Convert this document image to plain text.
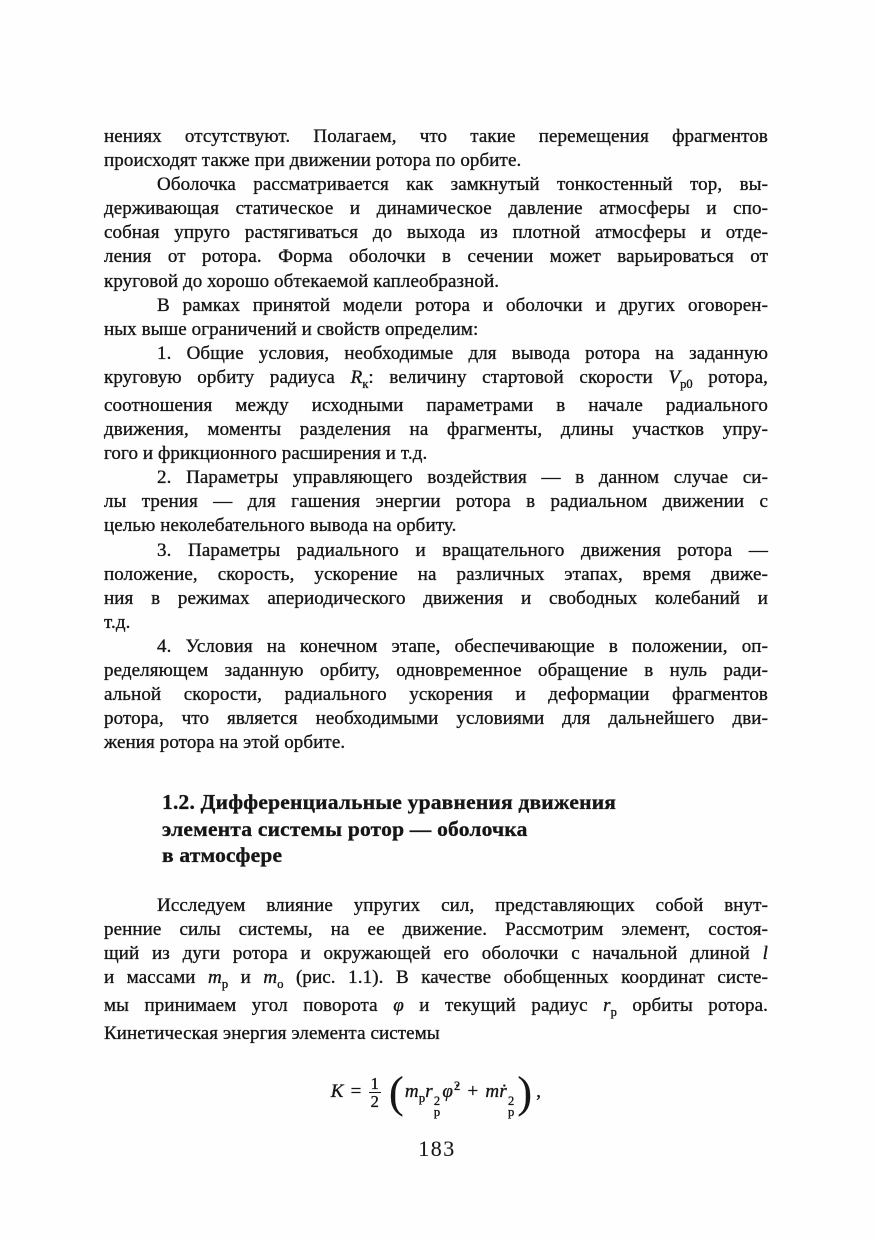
нениях отсутствуют. Полагаем, что такие перемещения фрагментов
происходят также при движении ротора по орбите.
Оболочка рассматривается как замкнутый тонкостенный тор, вы-
держивающая статическое и динамическое давление атмосферы и спо-
собная упруго растягиваться до выхода из плотной атмосферы и отде-
ления от ротора. Форма оболочки в сечении может варьироваться от
круговой до хорошо обтекаемой каплеобразной.
В рамках принятой модели ротора и оболочки и других оговорен-
ных выше ограничений и свойств определим:
1. Общие условия, необходимые для вывода ротора на заданную
круговую орбиту радиуса $R_к$: величину стартовой скорости $V_{р0}$ ротора,
соотношения между исходными параметрами в начале радиального
движения, моменты разделения на фрагменты, длины участков упру-
гого и фрикционного расширения и т.д.
2. Параметры управляющего воздействия — в данном случае си-
лы трения — для гашения энергии ротора в радиальном движении с
целью неколебательного вывода на орбиту.
3. Параметры радиального и вращательного движения ротора —
положение, скорость, ускорение на различных этапах, время движе-
ния в режимах апериодического движения и свободных колебаний и
т.д.
4. Условия на конечном этапе, обеспечивающие в положении, оп-
ределяющем заданную орбиту, одновременное обращение в нуль ради-
альной скорости, радиального ускорения и деформации фрагментов
ротора, что является необходимыми условиями для дальнейшего дви-
жения ротора на этой орбите.
1.2. Дифференциальные уравнения движения
элемента системы ротор — оболочка
в атмосфере
Исследуем влияние упругих сил, представляющих собой внут-
ренние силы системы, на ее движение. Рассмотрим элемент, состоя-
щий из дуги ротора и окружающей его оболочки с начальной длиной l
и массами $m_р$ и $m_о$ (рис. 1.1). В качестве обобщенных координат систе-
мы принимаем угол поворота φ и текущий радиус $r_р$ орбиты ротора.
Кинетическая энергия элемента системы
$K = \frac{1}{2} (m_рr$ 2
р
φ̇$^2$ + mṙ 2
р ) ,
183
